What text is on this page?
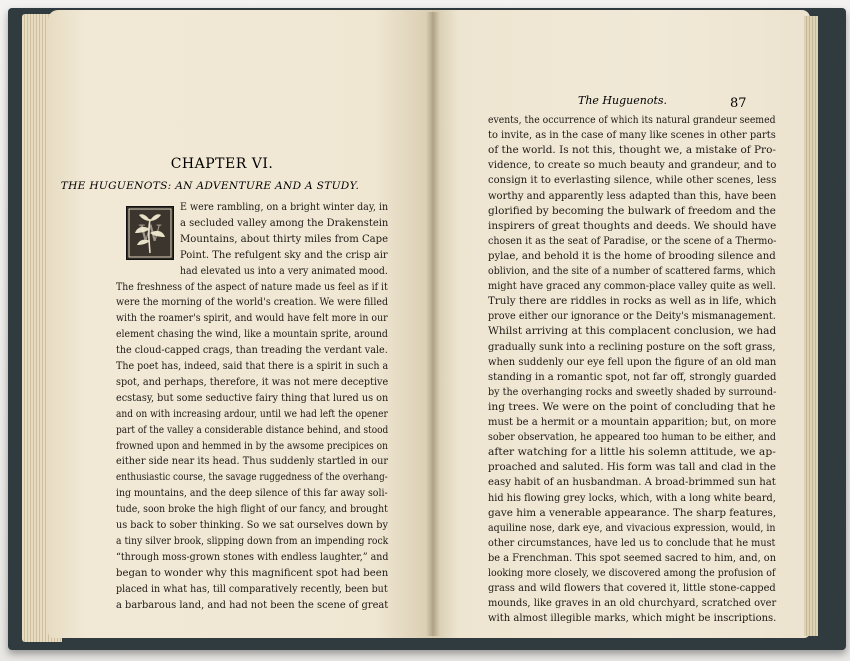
CHAPTER VI.
THE HUGUENOTS: AN ADVENTURE AND A STUDY.
W
E were rambling, on a bright winter day, in
a secluded valley among the Drakenstein
Mountains, about thirty miles from Cape
Point. The refulgent sky and the crisp air
had elevated us into a very animated mood.
The freshness of the aspect of nature made us feel as if it
were the morning of the world's creation. We were filled
with the roamer's spirit, and would have felt more in our
element chasing the wind, like a mountain sprite, around
the cloud-capped crags, than treading the verdant vale.
The poet has, indeed, said that there is a spirit in such a
spot, and perhaps, therefore, it was not mere deceptive
ecstasy, but some seductive fairy thing that lured us on
and on with increasing ardour, until we had left the opener
part of the valley a considerable distance behind, and stood
frowned upon and hemmed in by the awsome precipices on
either side near its head. Thus suddenly startled in our
enthusiastic course, the savage ruggedness of the overhang-
ing mountains, and the deep silence of this far away soli-
tude, soon broke the high flight of our fancy, and brought
us back to sober thinking. So we sat ourselves down by
a tiny silver brook, slipping down from an impending rock
“through moss-grown stones with endless laughter,” and
began to wonder why this magnificent spot had been
placed in what has, till comparatively recently, been but
a barbarous land, and had not been the scene of great
The Huguenots.	87
events, the occurrence of which its natural grandeur seemed
to invite, as in the case of many like scenes in other parts
of the world. Is not this, thought we, a mistake of Pro-
vidence, to create so much beauty and grandeur, and to
consign it to everlasting silence, while other scenes, less
worthy and apparently less adapted than this, have been
glorified by becoming the bulwark of freedom and the
inspirers of great thoughts and deeds. We should have
chosen it as the seat of Paradise, or the scene of a Thermo-
pylae, and behold it is the home of brooding silence and
oblivion, and the site of a number of scattered farms, which
might have graced any common-place valley quite as well.
Truly there are riddles in rocks as well as in life, which
prove either our ignorance or the Deity's mismanagement.
Whilst arriving at this complacent conclusion, we had
gradually sunk into a reclining posture on the soft grass,
when suddenly our eye fell upon the figure of an old man
standing in a romantic spot, not far off, strongly guarded
by the overhanging rocks and sweetly shaded by surround-
ing trees. We were on the point of concluding that he
must be a hermit or a mountain apparition; but, on more
sober observation, he appeared too human to be either, and
after watching for a little his solemn attitude, we ap-
proached and saluted. His form was tall and clad in the
easy habit of an husbandman. A broad-brimmed sun hat
hid his flowing grey locks, which, with a long white beard,
gave him a venerable appearance. The sharp features,
aquiline nose, dark eye, and vivacious expression, would, in
other circumstances, have led us to conclude that he must
be a Frenchman. This spot seemed sacred to him, and, on
looking more closely, we discovered among the profusion of
grass and wild flowers that covered it, little stone-capped
mounds, like graves in an old churchyard, scratched over
with almost illegible marks, which might be inscriptions.
